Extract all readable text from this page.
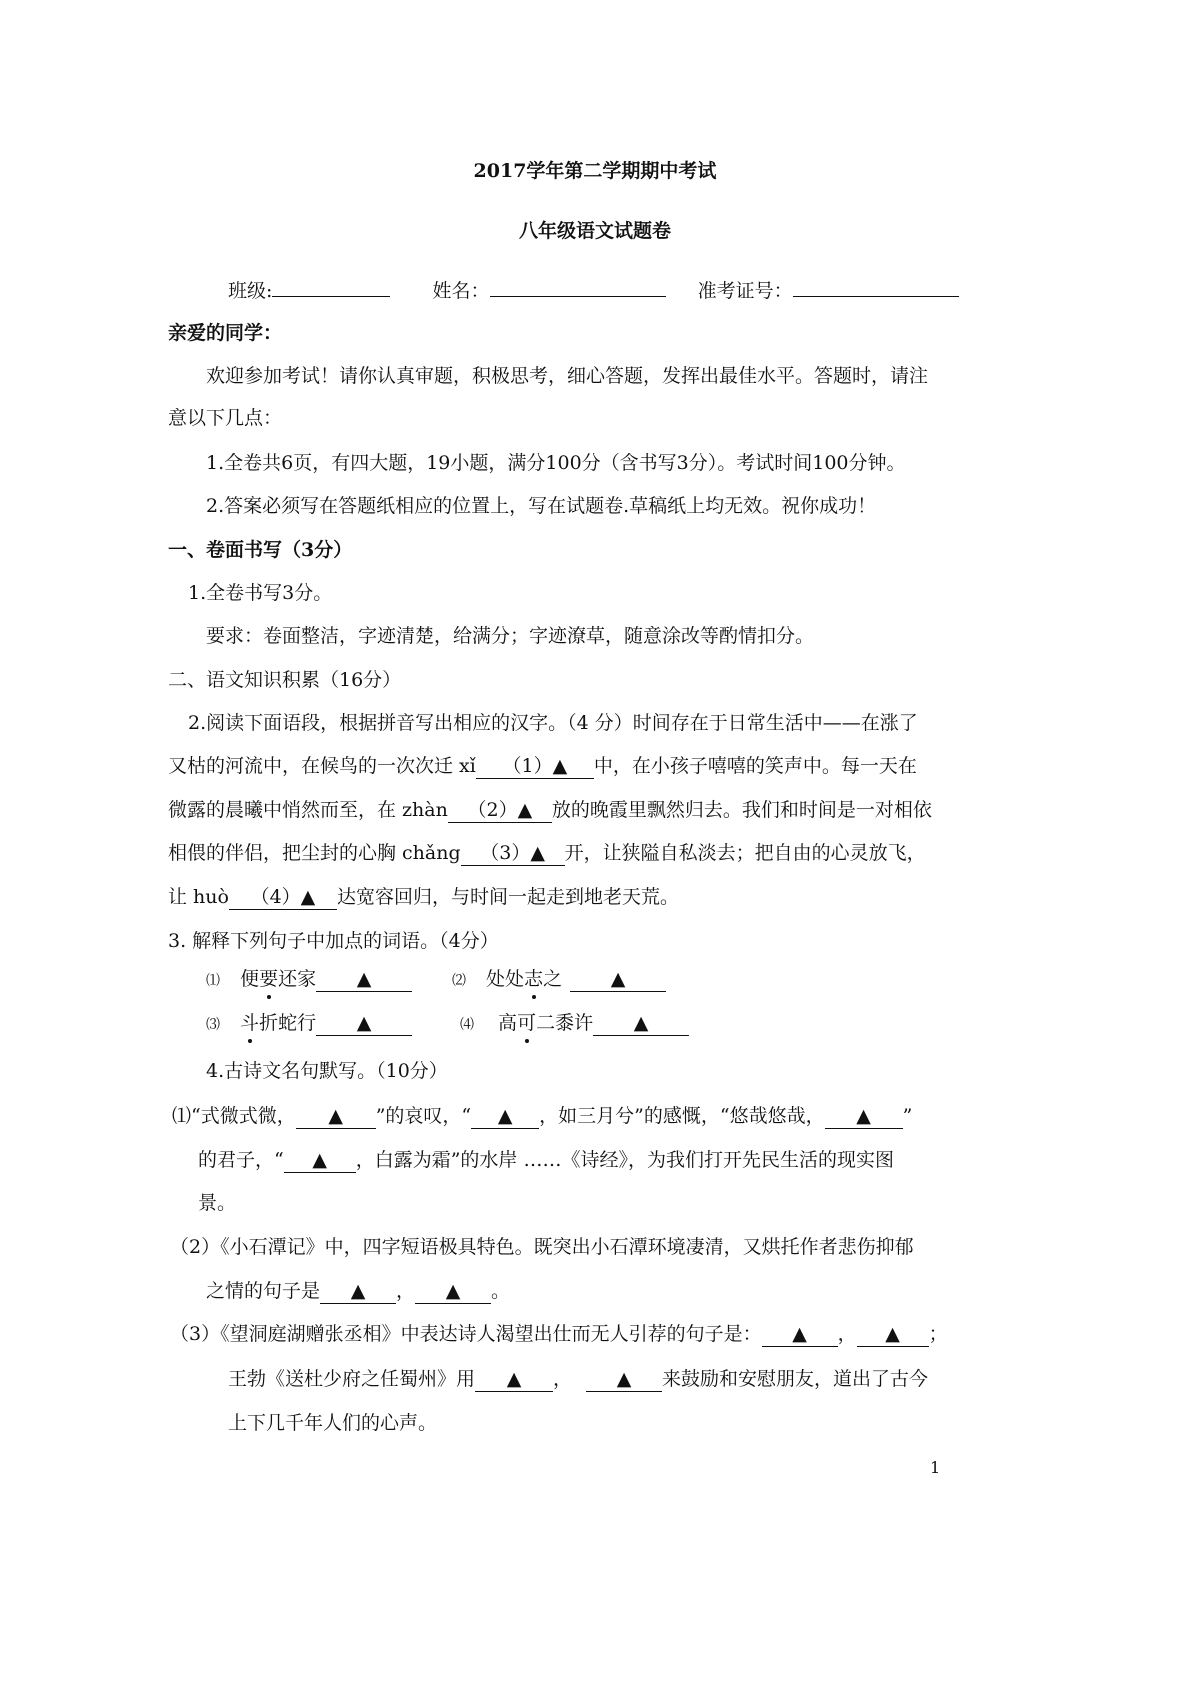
2017学年第二学期期中考试
八年级语文试题卷
班级:	姓名：	准考证号：
亲爱的同学：
欢迎参加考试！请你认真审题，积极思考，细心答题，发挥出最佳水平。答题时，请注
意以下几点：
1.全卷共6页，有四大题，19小题，满分100分（含书写3分）。考试时间100分钟。
2.答案必须写在答题纸相应的位置上，写在试题卷.草稿纸上均无效。祝你成功！
一、卷面书写（3分）
1.全卷书写3分。
要求：卷面整洁，字迹清楚，给满分；字迹潦草，随意涂改等酌情扣分。
二、语文知识积累（16分）
2.阅读下面语段，根据拼音写出相应的汉字。（4 分）时间存在于日常生活中——在涨了
又枯的河流中，在候鸟的一次次迁 xǐ （1）▲ 中，在小孩子嘻嘻的笑声中。每一天在
微露的晨曦中悄然而至，在 zhàn （2）▲ 放的晚霞里飘然归去。我们和时间是一对相依
相偎的伴侣，把尘封的心胸 chǎng （3）▲ 开，让狭隘自私淡去；把自由的心灵放飞，
让 huò （4）▲ 达宽容回归，与时间一起走到地老天荒。
3. 解释下列句子中加点的词语。（4分）
⑴ 便要还家 ▲	⑵ 处处志之	▲
⑶ 斗折蛇行 ▲	⑷ 高可二黍许 ▲
4.古诗文名句默写。（10分）
⑴“式微式微， ▲ ”的哀叹，“ ▲ ，如三月兮”的感慨，“悠哉悠哉， ▲ ”
的君子，“ ▲ ，白露为霜”的水岸 ……《诗经》，为我们打开先民生活的现实图
景。
（2）《小石潭记》中，四字短语极具特色。既突出小石潭环境凄清，又烘托作者悲伤抑郁
之情的句子是 ▲ ， ▲ 。
（3）《望洞庭湖赠张丞相》中表达诗人渴望出仕而无人引荐的句子是： ▲ ， ▲ ；
王勃《送杜少府之任蜀州》用 ▲ ， ▲ 来鼓励和安慰朋友，道出了古今
上下几千年人们的心声。
1
